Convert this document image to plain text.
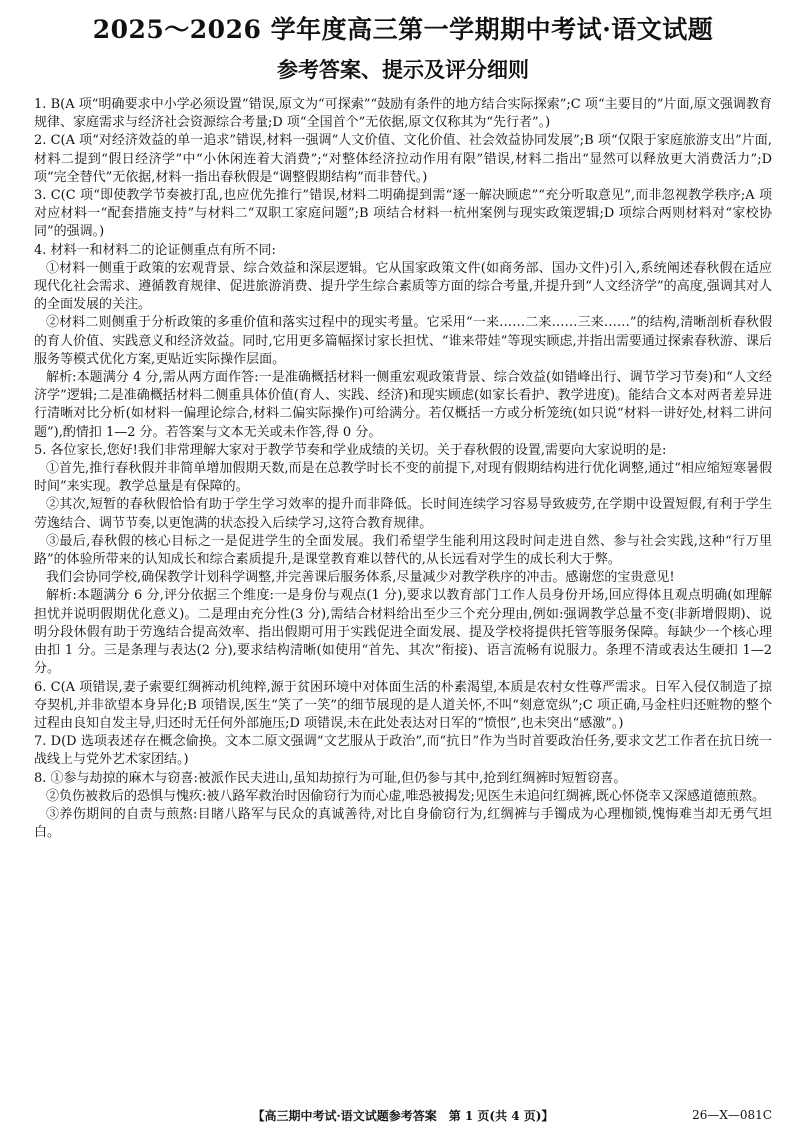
2025～2026 学年度高三第一学期期中考试·语文试题
参考答案、提示及评分细则

1. B(A 项“明确要求中小学必须设置”错误,原文为“可探索”“鼓励有条件的地方结合实际探索”;C 项“主要目的”片面,原文强调教育规律、家庭需求与经济社会资源综合考量;D 项“全国首个”无依据,原文仅称其为“先行者”。)

2. C(A 项“对经济效益的单一追求”错误,材料一强调“人文价值、文化价值、社会效益协同发展”;B 项“仅限于家庭旅游支出”片面,材料二提到“假日经济学”中“小休闲连着大消费”;“对整体经济拉动作用有限”错误,材料二指出“显然可以释放更大消费活力”;D 项“完全替代”无依据,材料一指出春秋假是“调整假期结构”而非替代。)

3. C(C 项“即使教学节奏被打乱,也应优先推行”错误,材料二明确提到需“逐一解决顾虑”“充分听取意见”,而非忽视教学秩序;A 项对应材料一“配套措施支持”与材料二“双职工家庭问题”;B 项结合材料一杭州案例与现实政策逻辑;D 项综合两则材料对“家校协同”的强调。)

4. 材料一和材料二的论证侧重点有所不同:

①材料一侧重于政策的宏观背景、综合效益和深层逻辑。它从国家政策文件(如商务部、国办文件)引入,系统阐述春秋假在适应现代化社会需求、遵循教育规律、促进旅游消费、提升学生综合素质等方面的综合考量,并提升到“人文经济学”的高度,强调其对人的全面发展的关注。

②材料二则侧重于分析政策的多重价值和落实过程中的现实考量。它采用“一来……二来……三来……”的结构,清晰剖析春秋假的育人价值、实践意义和经济效益。同时,它用更多篇幅探讨家长担忧、“谁来带娃”等现实顾虑,并指出需要通过探索春秋游、课后服务等模式优化方案,更贴近实际操作层面。

解析:本题满分 4 分,需从两方面作答:一是准确概括材料一侧重宏观政策背景、综合效益(如错峰出行、调节学习节奏)和“人文经济学”逻辑;二是准确概括材料二侧重具体价值(育人、实践、经济)和现实顾虑(如家长看护、教学进度)。能结合文本对两者差异进行清晰对比分析(如材料一偏理论综合,材料二偏实际操作)可给满分。若仅概括一方或分析笼统(如只说“材料一讲好处,材料二讲问题”),酌情扣 1—2 分。若答案与文本无关或未作答,得 0 分。

5. 各位家长,您好!我们非常理解大家对于教学节奏和学业成绩的关切。关于春秋假的设置,需要向大家说明的是:

①首先,推行春秋假并非简单增加假期天数,而是在总教学时长不变的前提下,对现有假期结构进行优化调整,通过“相应缩短寒暑假时间”来实现。教学总量是有保障的。

②其次,短暂的春秋假恰恰有助于学生学习效率的提升而非降低。长时间连续学习容易导致疲劳,在学期中设置短假,有利于学生劳逸结合、调节节奏,以更饱满的状态投入后续学习,这符合教育规律。

③最后,春秋假的核心目标之一是促进学生的全面发展。我们希望学生能利用这段时间走进自然、参与社会实践,这种“行万里路”的体验所带来的认知成长和综合素质提升,是课堂教育难以替代的,从长远看对学生的成长利大于弊。

我们会协同学校,确保教学计划科学调整,并完善课后服务体系,尽量减少对教学秩序的冲击。感谢您的宝贵意见!

解析:本题满分 6 分,评分依据三个维度:一是身份与观点(1 分),要求以教育部门工作人员身份开场,回应得体且观点明确(如理解担忧并说明假期优化意义)。二是理由充分性(3 分),需结合材料给出至少三个充分理由,例如:强调教学总量不变(非新增假期)、说明分段休假有助于劳逸结合提高效率、指出假期可用于实践促进全面发展、提及学校将提供托管等服务保障。每缺少一个核心理由扣 1 分。三是条理与表达(2 分),要求结构清晰(如使用“首先、其次”衔接)、语言流畅有说服力。条理不清或表达生硬扣 1—2 分。

6. C(A 项错误,妻子索要红绸裤动机纯粹,源于贫困环境中对体面生活的朴素渴望,本质是农村女性尊严需求。日军入侵仅制造了掠夺契机,并非欲望本身异化;B 项错误,医生“笑了一笑”的细节展现的是人道关怀,不叫“刻意宽纵”;C 项正确,马金柱归还赃物的整个过程由良知自发主导,归还时无任何外部施压;D 项错误,未在此处表达对日军的“愤恨”,也未突出“感激”。)

7. D(D 选项表述存在概念偷换。文本二原文强调“文艺服从于政治”,而“抗日”作为当时首要政治任务,要求文艺工作者在抗日统一战线上与党外艺术家团结。)

8. ①参与劫掠的麻木与窃喜:被派作民夫进山,虽知劫掠行为可耻,但仍参与其中,抢到红绸裤时短暂窃喜。

②负伤被救后的恐惧与愧疚:被八路军救治时因偷窃行为而心虚,唯恐被揭发;见医生未追问红绸裤,既心怀侥幸又深感道德煎熬。

③养伤期间的自责与煎熬:目睹八路军与民众的真诚善待,对比自身偷窃行为,红绸裤与手镯成为心理枷锁,愧悔难当却无勇气坦白。

【高三期中考试·语文试题参考答案　第 1 页(共 4 页)】	26—X—081C
